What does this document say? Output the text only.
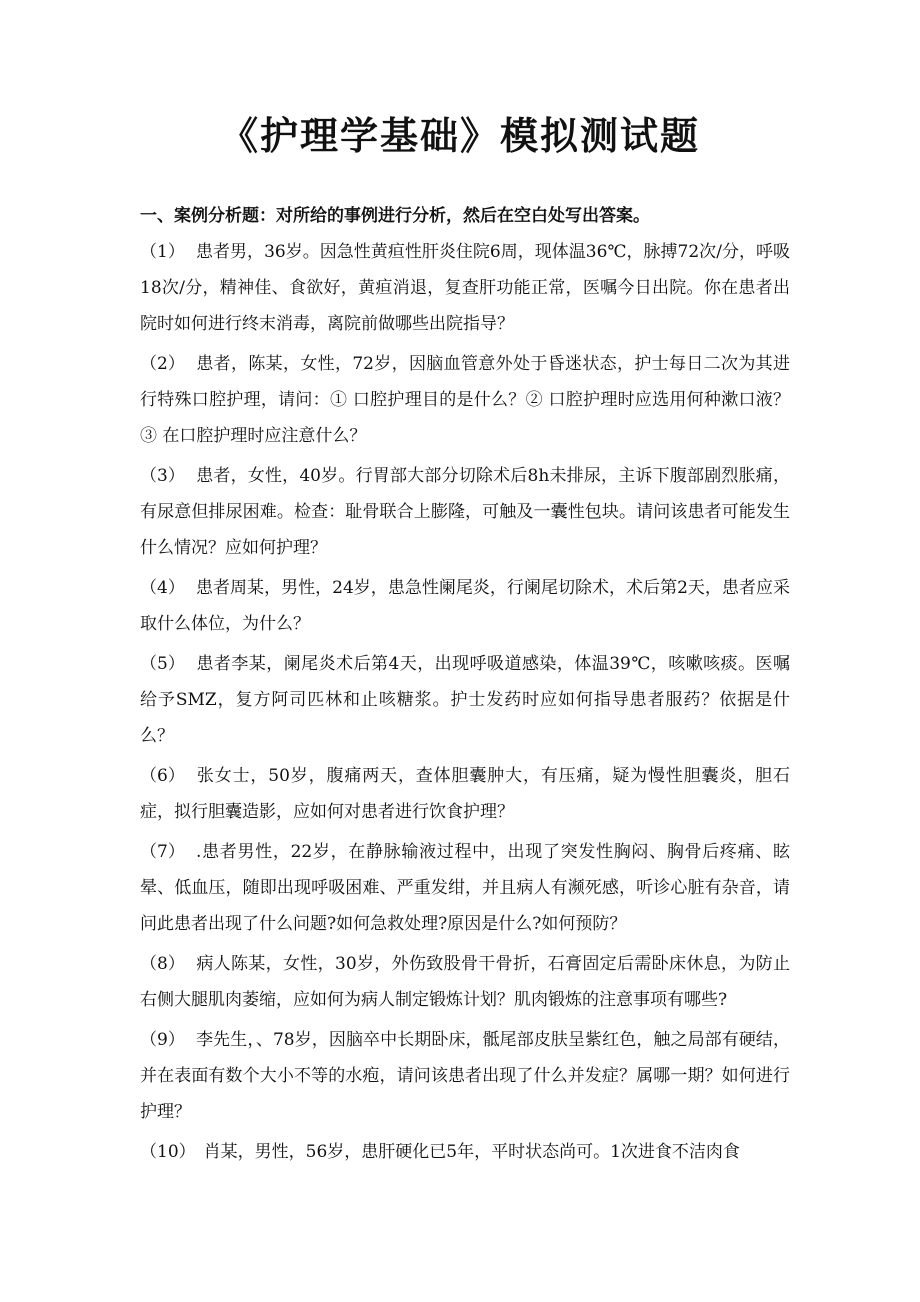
《护理学基础》模拟测试题

一、案例分析题：对所给的事例进行分析，然后在空白处写出答案。

（1） 患者男，36岁。因急性黄疸性肝炎住院6周，现体温36℃，脉搏72次/分，呼吸18次/分，精神佳、食欲好，黄疸消退，复查肝功能正常，医嘱今日出院。你在患者出院时如何进行终末消毒，离院前做哪些出院指导？
（2） 患者，陈某，女性，72岁，因脑血管意外处于昏迷状态，护士每日二次为其进行特殊口腔护理，请问：① 口腔护理目的是什么？② 口腔护理时应选用何种漱口液？③ 在口腔护理时应注意什么？
（3） 患者，女性，40岁。行胃部大部分切除术后8h未排尿，主诉下腹部剧烈胀痛，有尿意但排尿困难。检查：耻骨联合上膨隆，可触及一囊性包块。请问该患者可能发生什么情况？应如何护理？
（4） 患者周某，男性，24岁，患急性阑尾炎，行阑尾切除术，术后第2天，患者应采取什么体位，为什么？
（5） 患者李某，阑尾炎术后第4天，出现呼吸道感染，体温39℃，咳嗽咳痰。医嘱给予SMZ，复方阿司匹林和止咳糖浆。护士发药时应如何指导患者服药？依据是什么？
（6） 张女士，50岁，腹痛两天，查体胆囊肿大，有压痛，疑为慢性胆囊炎，胆石症，拟行胆囊造影，应如何对患者进行饮食护理？
（7） .患者男性，22岁，在静脉输液过程中，出现了突发性胸闷、胸骨后疼痛、眩晕、低血压，随即出现呼吸困难、严重发绀，并且病人有濒死感，听诊心脏有杂音，请问此患者出现了什么问题?如何急救处理?原因是什么?如何预防？
（8） 病人陈某，女性，30岁，外伤致股骨干骨折，石膏固定后需卧床休息，为防止右侧大腿肌肉萎缩，应如何为病人制定锻炼计划？肌肉锻炼的注意事项有哪些?
（9） 李先生，、78岁，因脑卒中长期卧床，骶尾部皮肤呈紫红色，触之局部有硬结，并在表面有数个大小不等的水疱，请问该患者出现了什么并发症？属哪一期？如何进行护理？
（10） 肖某，男性，56岁，患肝硬化已5年，平时状态尚可。1次进食不洁肉食
